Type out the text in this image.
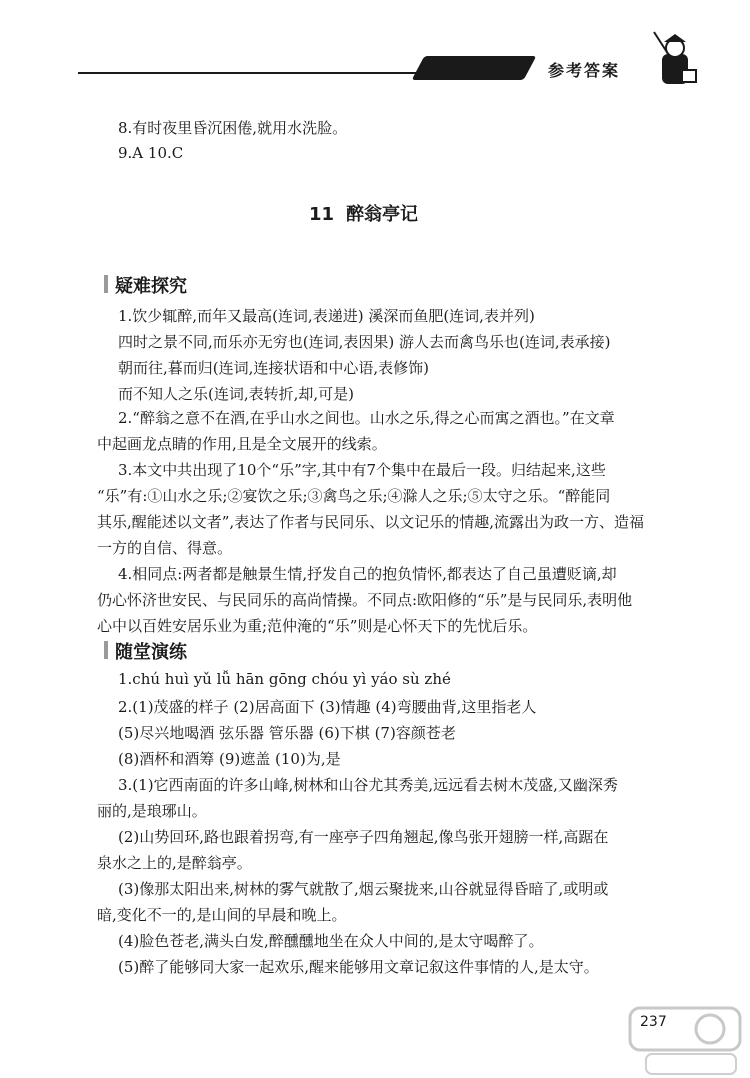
参考答案
8.有时夜里昏沉困倦,就用水洗脸。
9.A 10.C
11 醉翁亭记
疑难探究
1.饮少辄醉,而年又最高(连词,表递进) 溪深而鱼肥(连词,表并列)
四时之景不同,而乐亦无穷也(连词,表因果) 游人去而禽鸟乐也(连词,表承接)
朝而往,暮而归(连词,连接状语和中心语,表修饰)
而不知人之乐(连词,表转折,却,可是)
2.“醉翁之意不在酒,在乎山水之间也。山水之乐,得之心而寓之酒也。”在文章
中起画龙点睛的作用,且是全文展开的线索。
3.本文中共出现了10个“乐”字,其中有7个集中在最后一段。归结起来,这些
“乐”有:①山水之乐;②宴饮之乐;③禽鸟之乐;④滁人之乐;⑤太守之乐。“醉能同
其乐,醒能述以文者”,表达了作者与民同乐、以文记乐的情趣,流露出为政一方、造福
一方的自信、得意。
4.相同点:两者都是触景生情,抒发自己的抱负情怀,都表达了自己虽遭贬谪,却
仍心怀济世安民、与民同乐的高尚情操。不同点:欧阳修的“乐”是与民同乐,表明他
心中以百姓安居乐业为重;范仲淹的“乐”则是心怀天下的先忧后乐。
随堂演练
1.chú huì yǔ lǚ hān gōng chóu yì yáo sù zhé
2.(1)茂盛的样子 (2)居高面下 (3)情趣 (4)弯腰曲背,这里指老人
(5)尽兴地喝酒 弦乐器 管乐器 (6)下棋 (7)容颜苍老
(8)酒杯和酒筹 (9)遮盖 (10)为,是
3.(1)它西南面的许多山峰,树林和山谷尤其秀美,远远看去树木茂盛,又幽深秀
丽的,是琅琊山。
(2)山势回环,路也跟着拐弯,有一座亭子四角翘起,像鸟张开翅膀一样,高踞在
泉水之上的,是醉翁亭。
(3)像那太阳出来,树林的雾气就散了,烟云聚拢来,山谷就显得昏暗了,或明或
暗,变化不一的,是山间的早晨和晚上。
(4)脸色苍老,满头白发,醉醺醺地坐在众人中间的,是太守喝醉了。
(5)醉了能够同大家一起欢乐,醒来能够用文章记叙这件事情的人,是太守。
237
